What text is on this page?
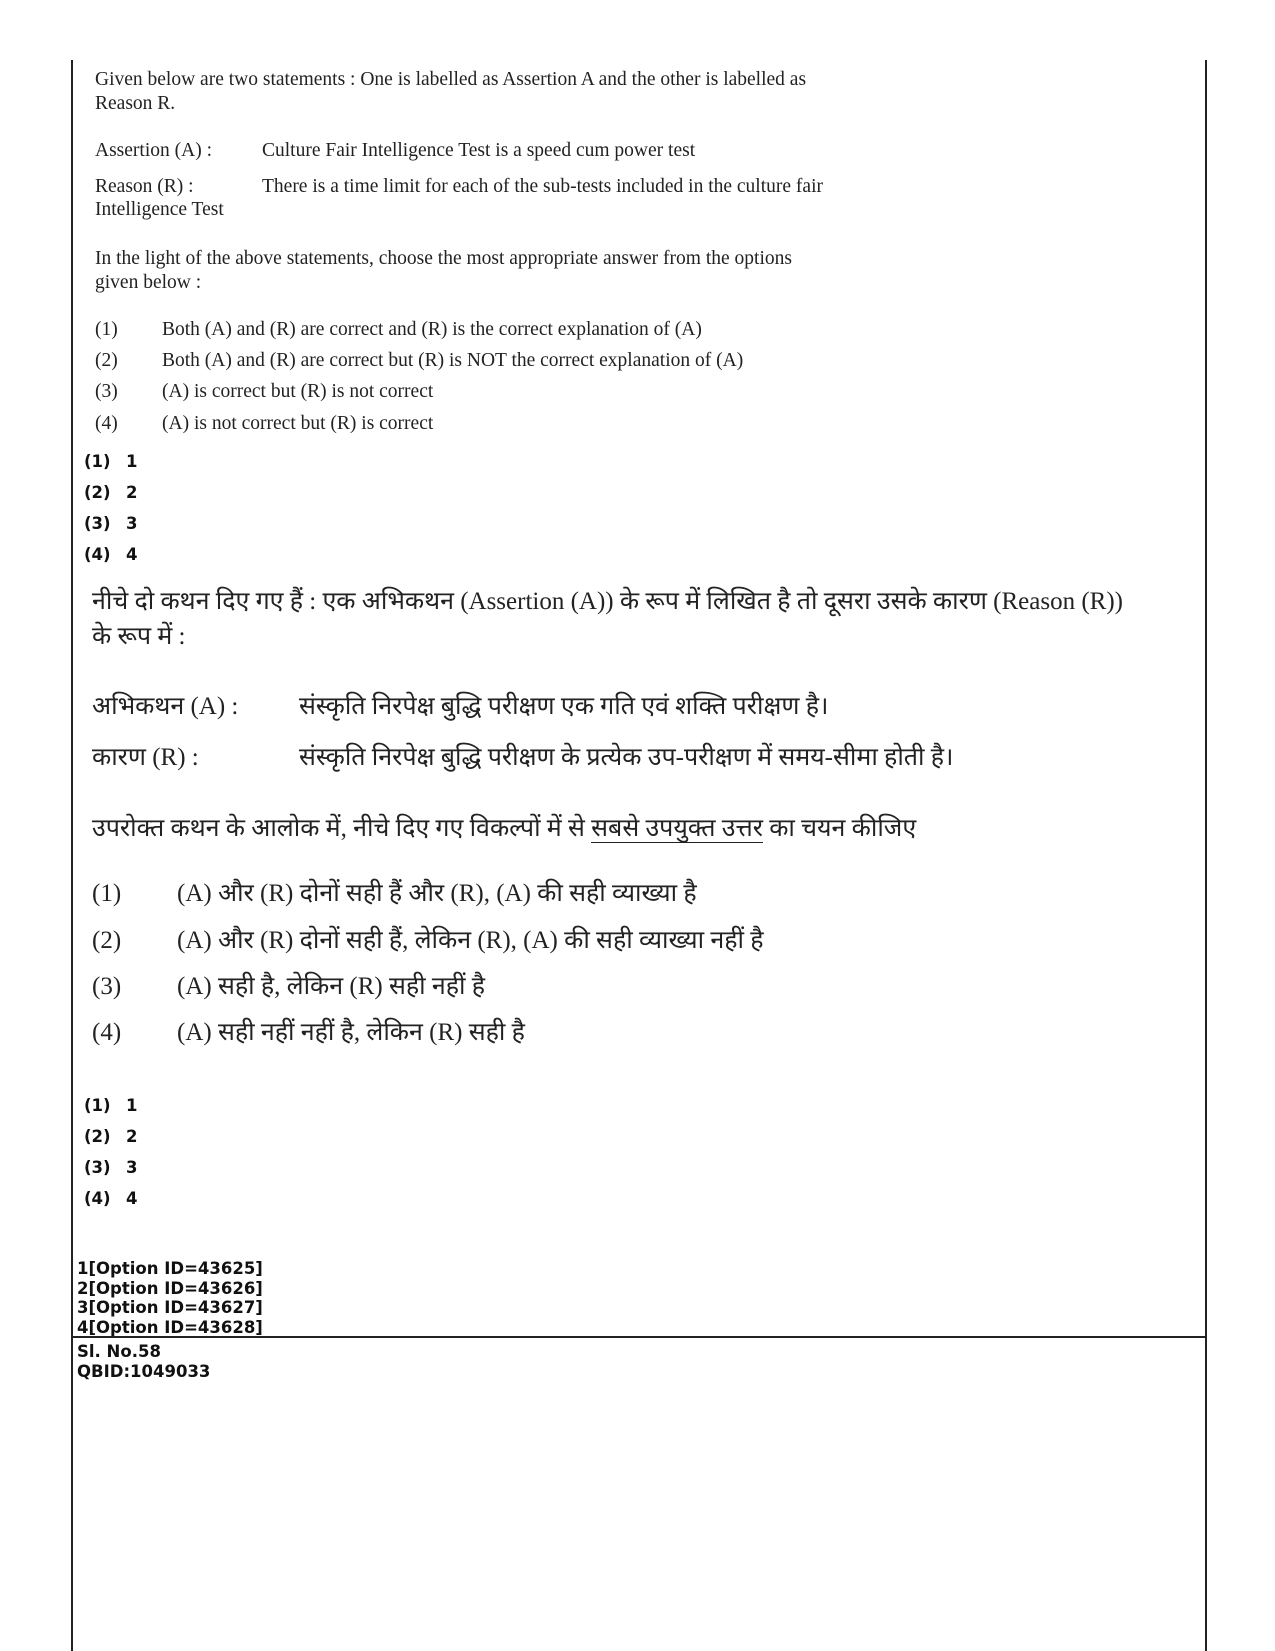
Given below are two statements : One is labelled as Assertion A and the other is labelled as
Reason R.
Assertion (A) :	Culture Fair Intelligence Test is a speed cum power test
Reason (R) :	There is a time limit for each of the sub-tests included in the culture fair
Intelligence Test
In the light of the above statements, choose the most appropriate answer from the options
given below :
(1) Both (A) and (R) are correct and (R) is the correct explanation of (A)
(2) Both (A) and (R) are correct but (R) is NOT the correct explanation of (A)
(3) (A) is correct but (R) is not correct
(4) (A) is not correct but (R) is correct
(1) 1
(2) 2
(3) 3
(4) 4
नीचे दो कथन दिए गए हैं : एक अभिकथन (Assertion (A)) के रूप में लिखित है तो दूसरा उसके कारण (Reason (R))
के रूप में :
अभिकथन (A) : संस्कृति निरपेक्ष बुद्धि परीक्षण एक गति एवं शक्ति परीक्षण है।
कारण (R) :	संस्कृति निरपेक्ष बुद्धि परीक्षण के प्रत्येक उप-परीक्षण में समय-सीमा होती है।
उपरोक्त कथन के आलोक में, नीचे दिए गए विकल्पों में से सबसे उपयुक्त उत्तर का चयन कीजिए
(1) (A) और (R) दोनों सही हैं और (R), (A) की सही व्याख्या है
(2) (A) और (R) दोनों सही हैं, लेकिन (R), (A) की सही व्याख्या नहीं है
(3) (A) सही है, लेकिन (R) सही नहीं है
(4) (A) सही नहीं नहीं है, लेकिन (R) सही है
(1) 1
(2) 2
(3) 3
(4) 4
1[Option ID=43625]
2[Option ID=43626]
3[Option ID=43627]
4[Option ID=43628]
Sl. No.58
QBID:1049033
